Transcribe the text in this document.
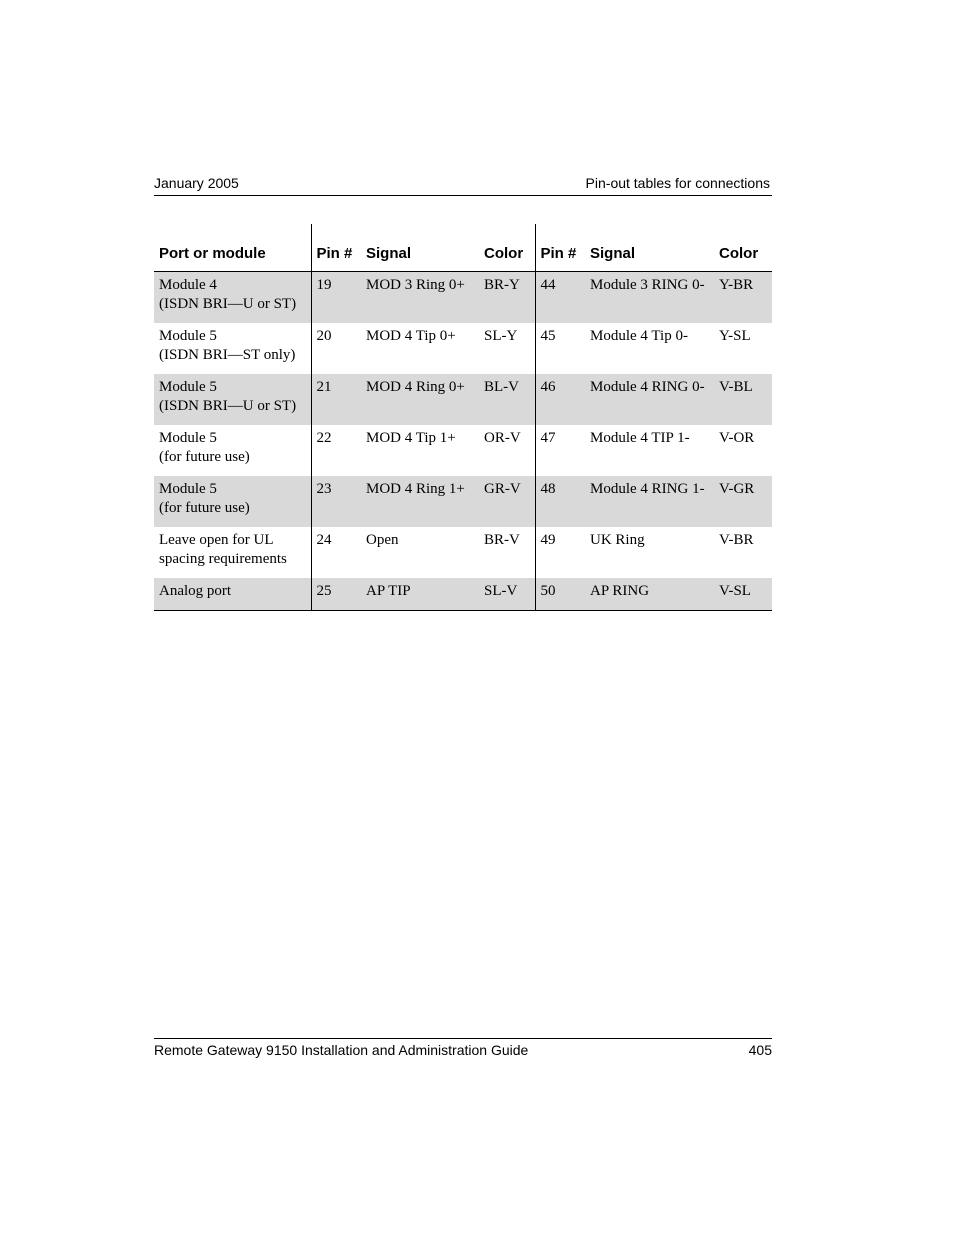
January 2005	Pin-out tables for connections
Port or module	Pin #	Signal	Color	Pin #	Signal	Color

Module 4
(ISDN BRI—U or ST)	19	MOD 3 Ring 0+	BR-Y	44	Module 3 RING 0-	Y-BR

Module 5
(ISDN BRI—ST only)	20	MOD 4 Tip 0+	SL-Y	45	Module 4 Tip 0-	Y-SL

Module 5
(ISDN BRI—U or ST)	21	MOD 4 Ring 0+	BL-V	46	Module 4 RING 0-	V-BL

Module 5
(for future use)	22	MOD 4 Tip 1+	OR-V	47	Module 4 TIP 1-	V-OR

Module 5
(for future use)	23	MOD 4 Ring 1+	GR-V	48	Module 4 RING 1-	V-GR

Leave open for UL
spacing requirements	24	Open	BR-V	49	UK Ring	V-BR

Analog port	25	AP TIP	SL-V	50	AP RING	V-SL
Remote Gateway 9150 Installation and Administration Guide	405
